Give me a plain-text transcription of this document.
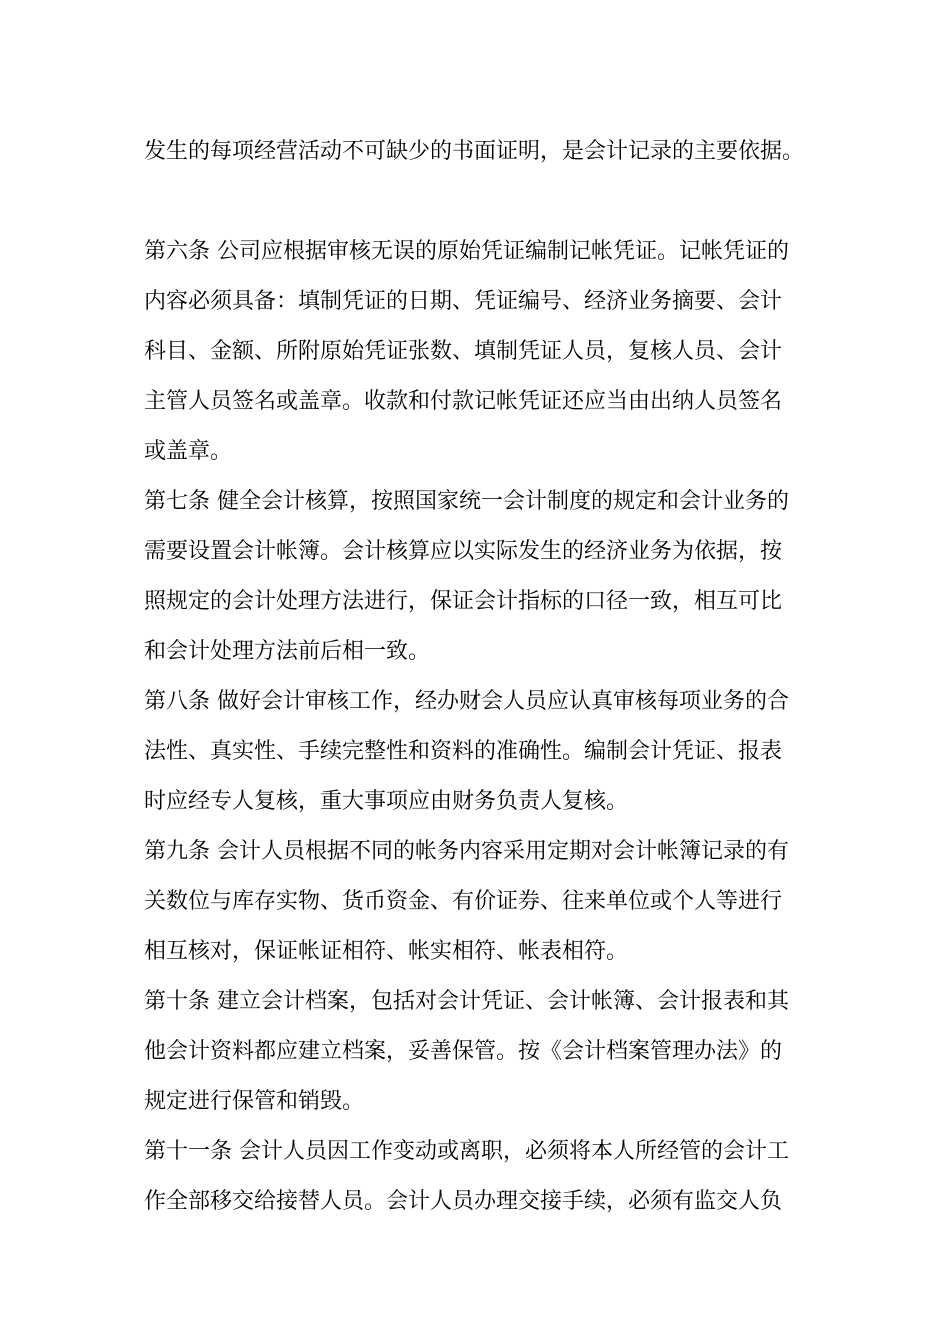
发生的每项经营活动不可缺少的书面证明，是会计记录的主要依据。
第六条 公司应根据审核无误的原始凭证编制记帐凭证。记帐凭证的
内容必须具备：填制凭证的日期、凭证编号、经济业务摘要、会计
科目、金额、所附原始凭证张数、填制凭证人员，复核人员、会计
主管人员签名或盖章。收款和付款记帐凭证还应当由出纳人员签名
或盖章。
第七条 健全会计核算，按照国家统一会计制度的规定和会计业务的
需要设置会计帐簿。会计核算应以实际发生的经济业务为依据，按
照规定的会计处理方法进行，保证会计指标的口径一致，相互可比
和会计处理方法前后相一致。
第八条 做好会计审核工作，经办财会人员应认真审核每项业务的合
法性、真实性、手续完整性和资料的准确性。编制会计凭证、报表
时应经专人复核，重大事项应由财务负责人复核。
第九条 会计人员根据不同的帐务内容采用定期对会计帐簿记录的有
关数位与库存实物、货币资金、有价证券、往来单位或个人等进行
相互核对，保证帐证相符、帐实相符、帐表相符。
第十条 建立会计档案，包括对会计凭证、会计帐簿、会计报表和其
他会计资料都应建立档案，妥善保管。按《会计档案管理办法》的
规定进行保管和销毁。
第十一条 会计人员因工作变动或离职，必须将本人所经管的会计工
作全部移交给接替人员。会计人员办理交接手续，必须有监交人负
